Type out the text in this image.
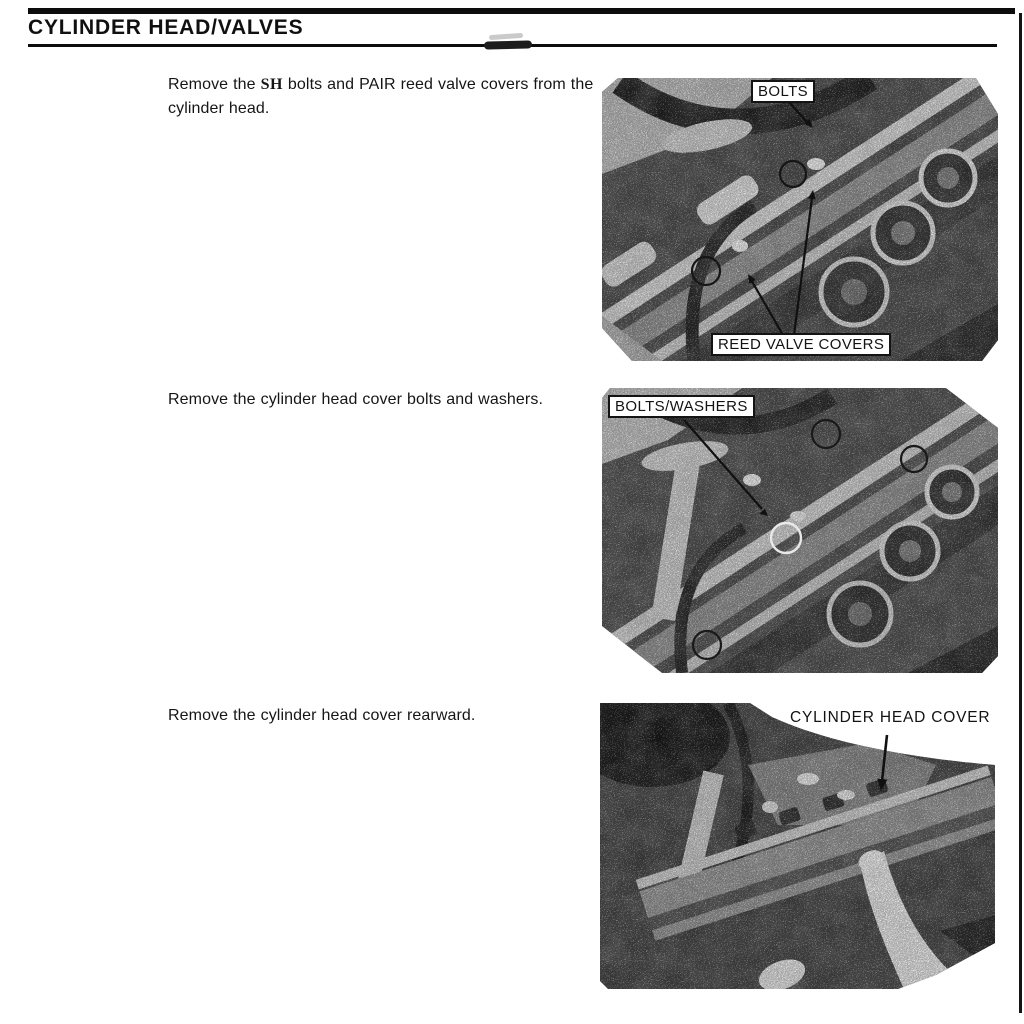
CYLINDER HEAD/VALVES

Remove the SH bolts and PAIR reed valve covers from the cylinder head.

Remove the cylinder head cover bolts and washers.

Remove the cylinder head cover rearward.

BOLTS
REED VALVE COVERS
BOLTS/WASHERS
CYLINDER HEAD COVER
